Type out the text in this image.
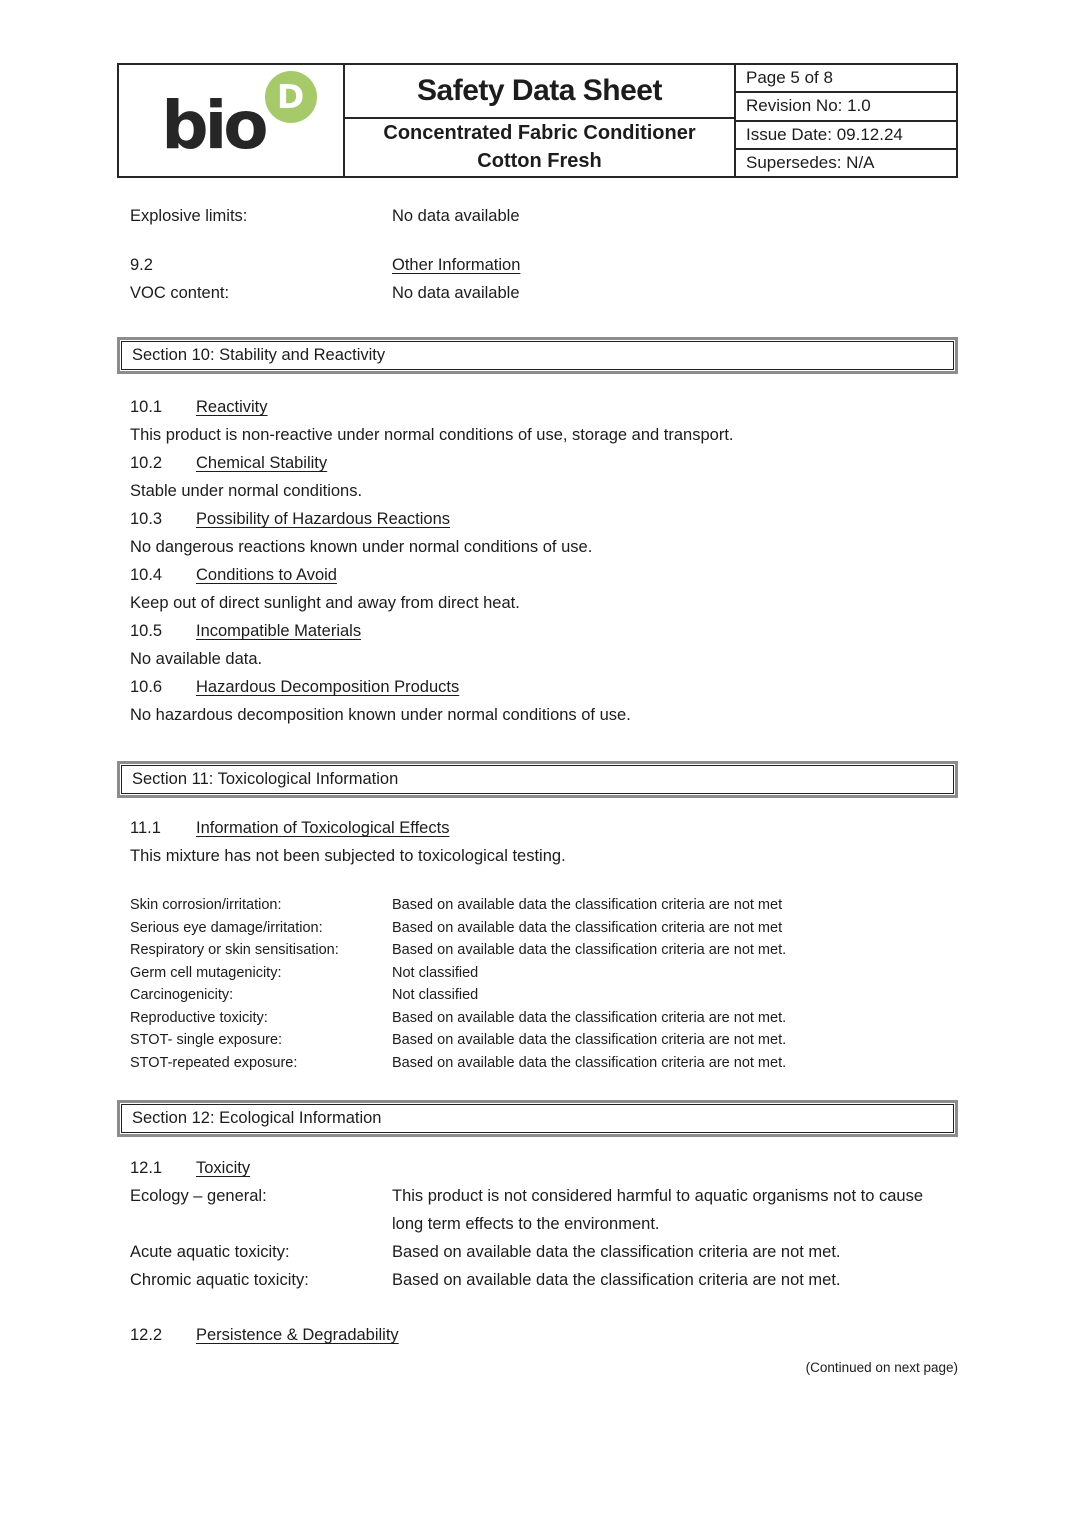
bio D	Safety Data Sheet
Concentrated Fabric Conditioner
Cotton Fresh
Page 5 of 8
Revision No: 1.0
Issue Date: 09.12.24
Supersedes: N/A
Explosive limits:	No data available
9.2	Other Information
VOC content:	No data available
Section 10: Stability and Reactivity
10.1	Reactivity
This product is non-reactive under normal conditions of use, storage and transport.
10.2	Chemical Stability
Stable under normal conditions.
10.3	Possibility of Hazardous Reactions
No dangerous reactions known under normal conditions of use.
10.4	Conditions to Avoid
Keep out of direct sunlight and away from direct heat.
10.5	Incompatible Materials
No available data.
10.6	Hazardous Decomposition Products
No hazardous decomposition known under normal conditions of use.
Section 11: Toxicological Information
11.1	Information of Toxicological Effects
This mixture has not been subjected to toxicological testing.
Skin corrosion/irritation:	Based on available data the classification criteria are not met
Serious eye damage/irritation:	Based on available data the classification criteria are not met
Respiratory or skin sensitisation:	Based on available data the classification criteria are not met.
Germ cell mutagenicity:	Not classified
Carcinogenicity:	Not classified
Reproductive toxicity:	Based on available data the classification criteria are not met.
STOT- single exposure:	Based on available data the classification criteria are not met.
STOT-repeated exposure:	Based on available data the classification criteria are not met.
Section 12: Ecological Information
12.1	Toxicity
Ecology – general:	This product is not considered harmful to aquatic organisms not to cause long term effects to the environment.
Acute aquatic toxicity:	Based on available data the classification criteria are not met.
Chromic aquatic toxicity:	Based on available data the classification criteria are not met.
12.2	Persistence & Degradability
(Continued on next page)
